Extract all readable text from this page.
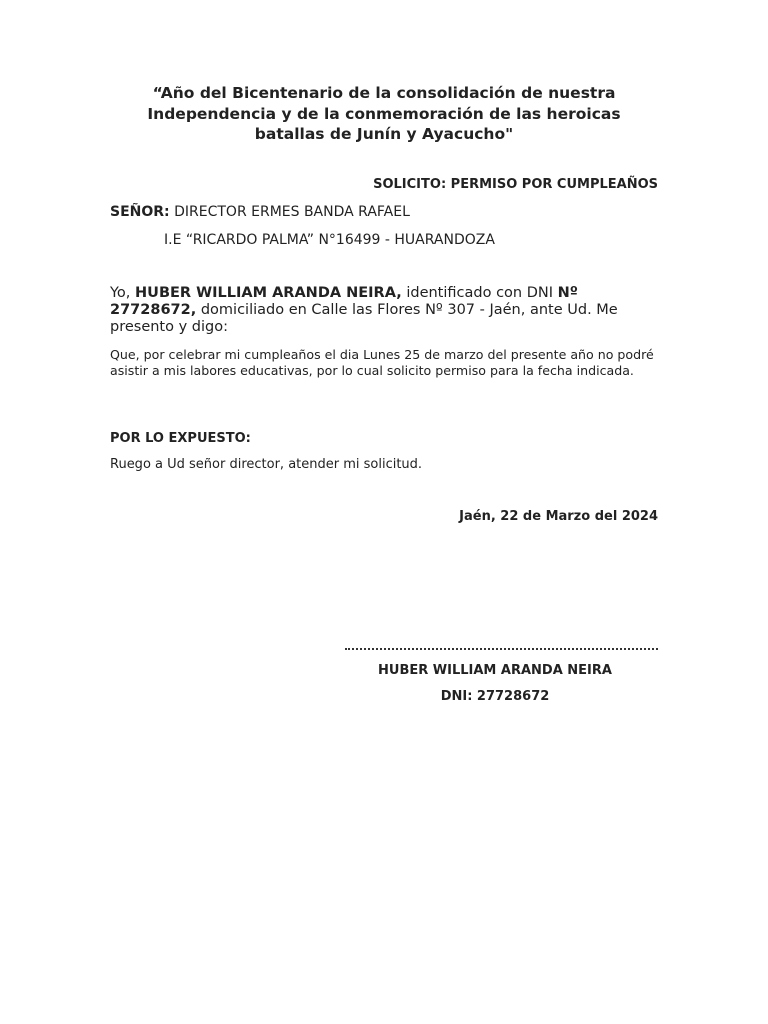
“Año del Bicentenario de la consolidación de nuestra
Independencia y de la conmemoración de las heroicas
batallas de Junín y Ayacucho"
SOLICITO: PERMISO POR CUMPLEAÑOS
SEÑOR: DIRECTOR ERMES BANDA RAFAEL
I.E “RICARDO PALMA” N°16499 - HUARANDOZA
Yo, HUBER WILLIAM ARANDA NEIRA, identificado con DNI Nº 27728672, domiciliado en Calle las Flores Nº 307 - Jaén, ante Ud. Me presento y digo:
Que, por celebrar mi cumpleaños el dia Lunes 25 de marzo del presente año no podré asistir a mis labores educativas, por lo cual solicito permiso para la fecha indicada.
POR LO EXPUESTO:
Ruego a Ud señor director, atender mi solicitud.
Jaén, 22 de Marzo del 2024
HUBER WILLIAM ARANDA NEIRA
DNI: 27728672
